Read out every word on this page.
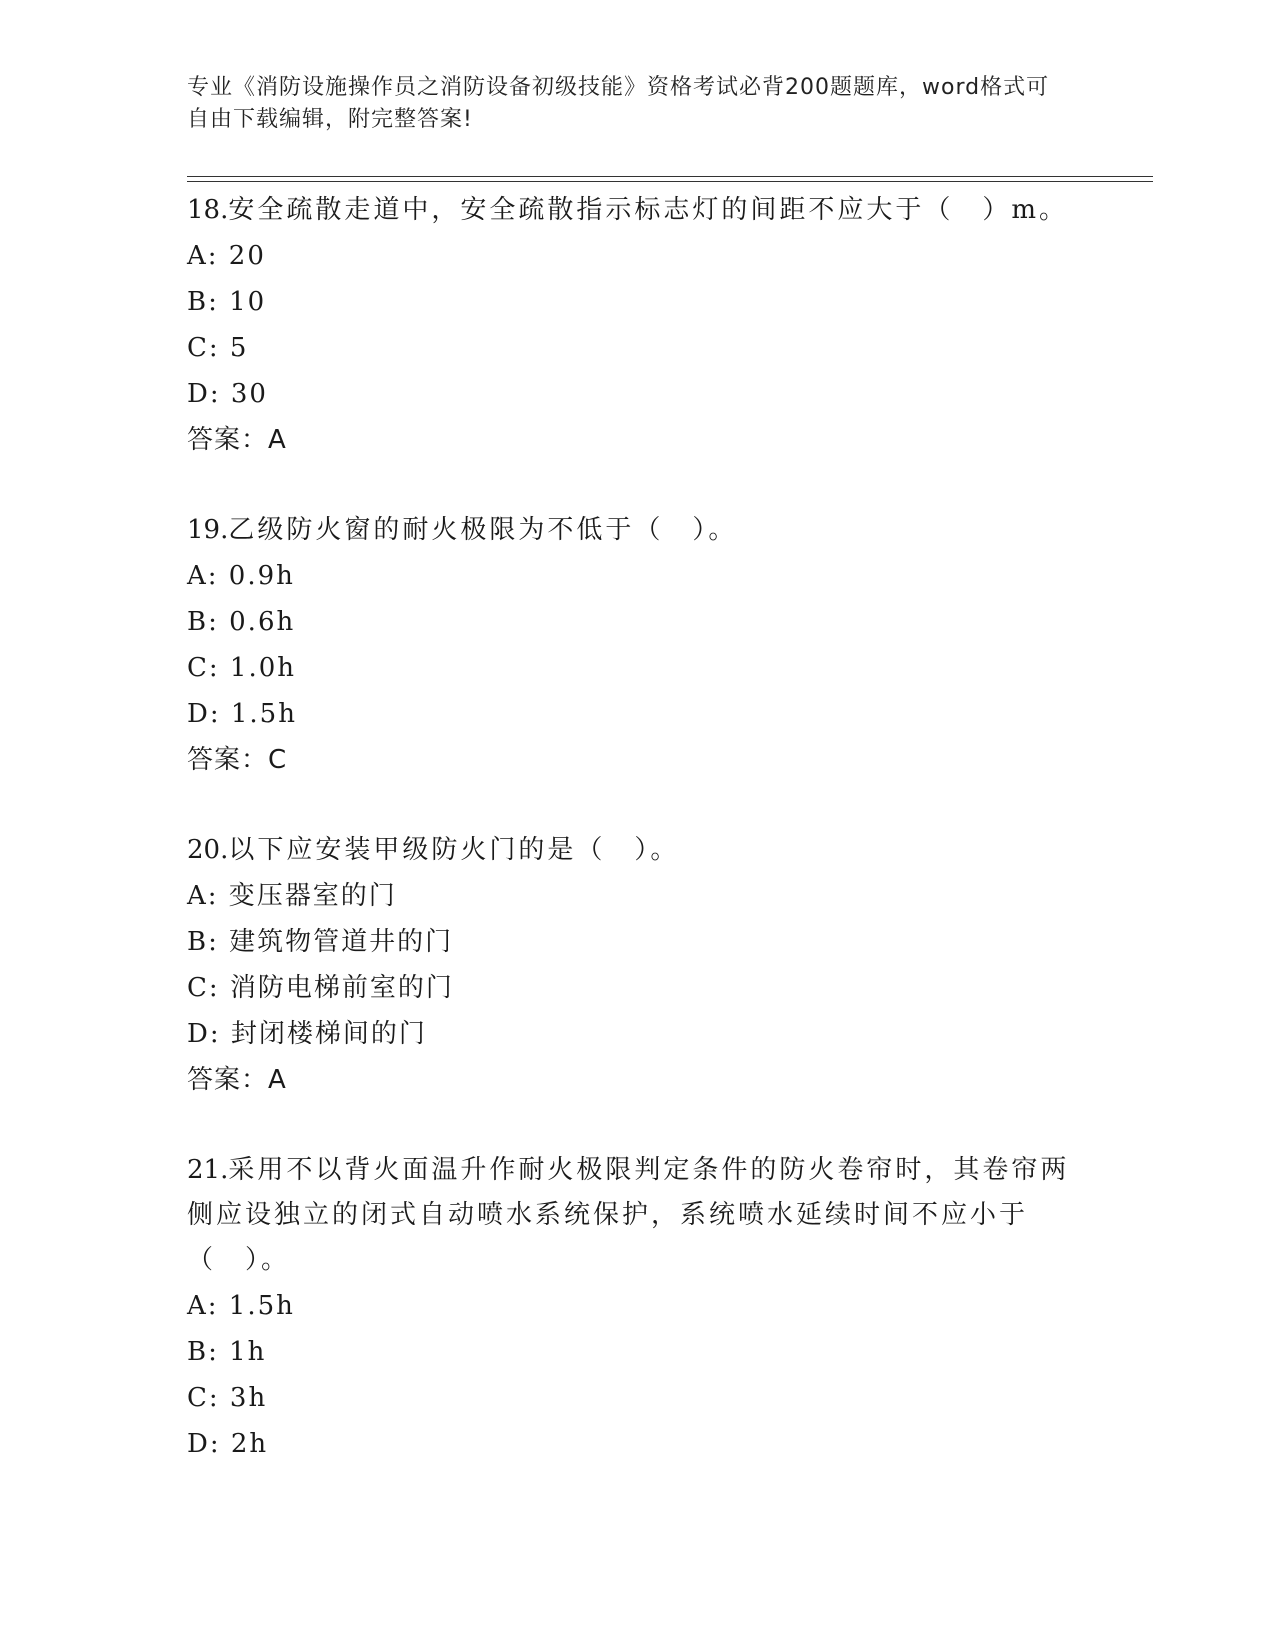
专业《消防设施操作员之消防设备初级技能》资格考试必背200题题库，word格式可自由下载编辑，附完整答案!
18.安全疏散走道中，安全疏散指示标志灯的间距不应大于（　）m。
A: 20
B: 10
C: 5
D: 30
答案：A
19.乙级防火窗的耐火极限为不低于（　）。
A: 0.9h
B: 0.6h
C: 1.0h
D: 1.5h
答案：C
20.以下应安装甲级防火门的是（　）。
A: 变压器室的门
B: 建筑物管道井的门
C: 消防电梯前室的门
D: 封闭楼梯间的门
答案：A
21.采用不以背火面温升作耐火极限判定条件的防火卷帘时，其卷帘两侧应设独立的闭式自动喷水系统保护，系统喷水延续时间不应小于（　）。
A: 1.5h
B: 1h
C: 3h
D: 2h
